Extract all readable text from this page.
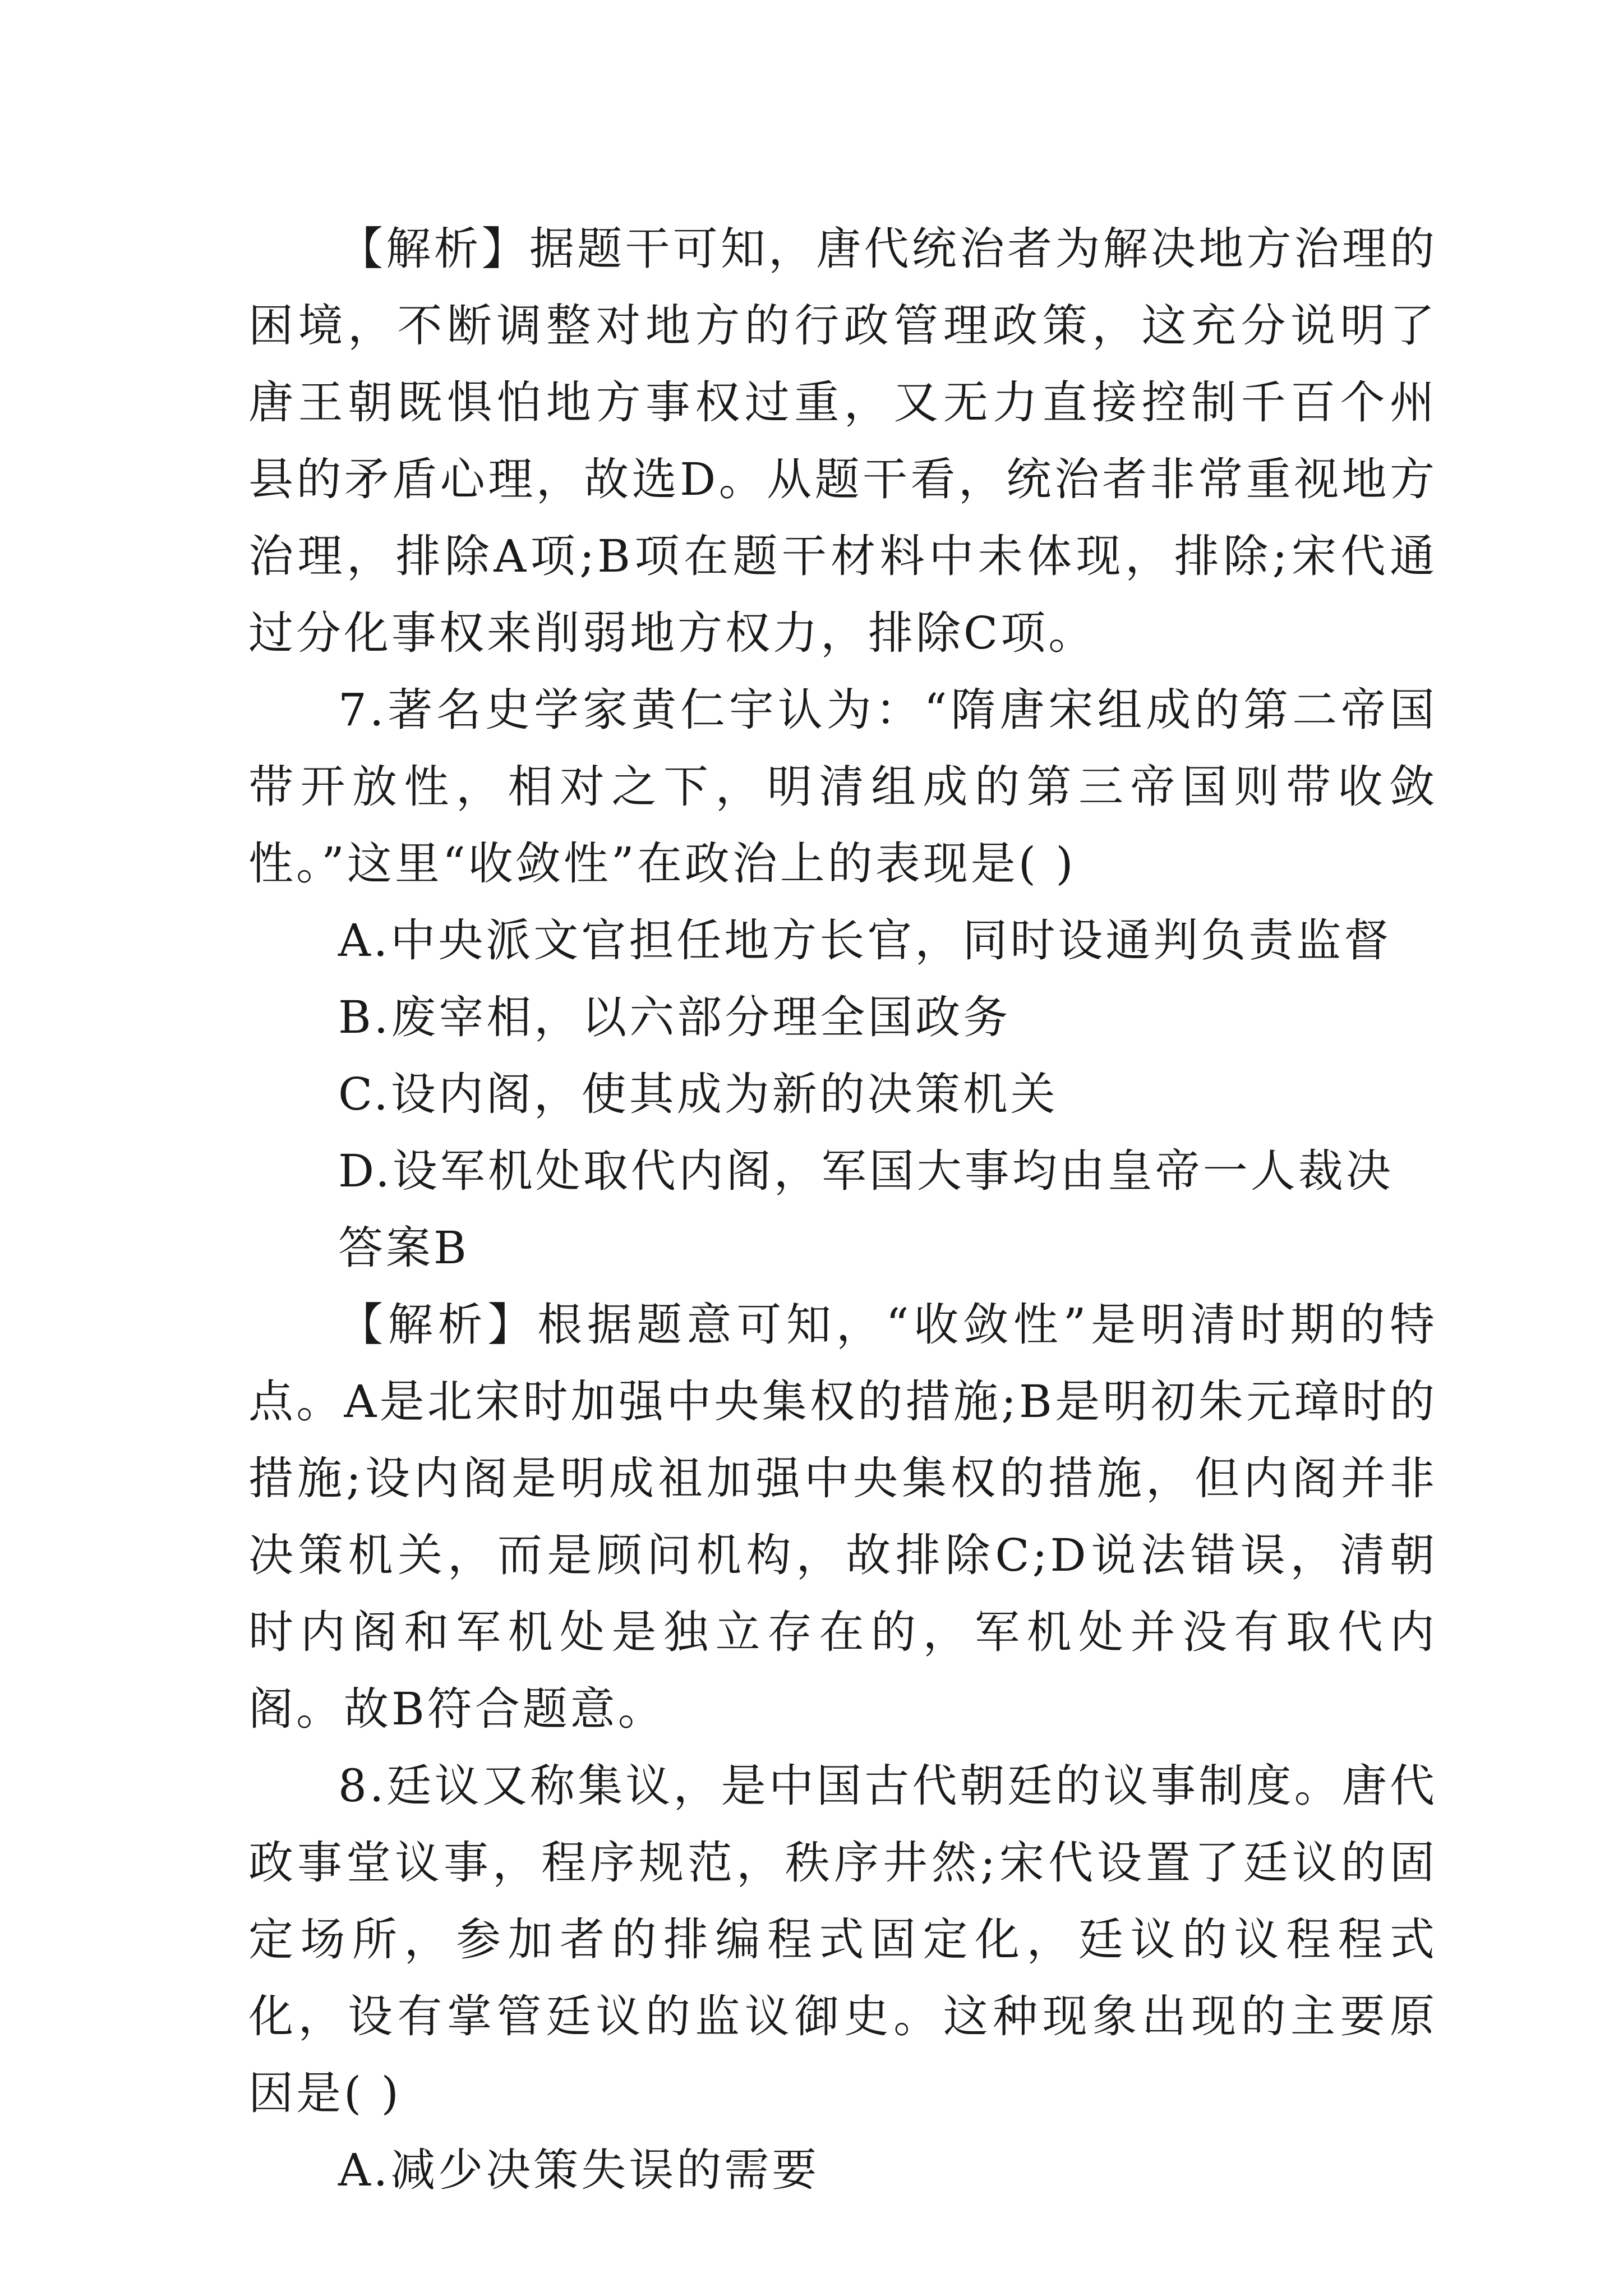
【解析】据题干可知，唐代统治者为解决地方治理的困境，不断调整对地方的行政管理政策，这充分说明了唐王朝既惧怕地方事权过重，又无力直接控制千百个州县的矛盾心理，故选D。从题干看，统治者非常重视地方治理，排除A项;B项在题干材料中未体现，排除;宋代通过分化事权来削弱地方权力，排除C项。

7.著名史学家黄仁宇认为：“隋唐宋组成的第二帝国带开放性，相对之下，明清组成的第三帝国则带收敛性。”这里“收敛性”在政治上的表现是( )

A.中央派文官担任地方长官，同时设通判负责监督

B.废宰相，以六部分理全国政务

C.设内阁，使其成为新的决策机关

D.设军机处取代内阁，军国大事均由皇帝一人裁决

答案B

【解析】根据题意可知，“收敛性”是明清时期的特点。A是北宋时加强中央集权的措施;B是明初朱元璋时的措施;设内阁是明成祖加强中央集权的措施，但内阁并非决策机关，而是顾问机构，故排除C;D说法错误，清朝时内阁和军机处是独立存在的，军机处并没有取代内阁。故B符合题意。

8.廷议又称集议，是中国古代朝廷的议事制度。唐代政事堂议事，程序规范，秩序井然;宋代设置了廷议的固定场所，参加者的排编程式固定化，廷议的议程程式化，设有掌管廷议的监议御史。这种现象出现的主要原因是( )

A.减少决策失误的需要
